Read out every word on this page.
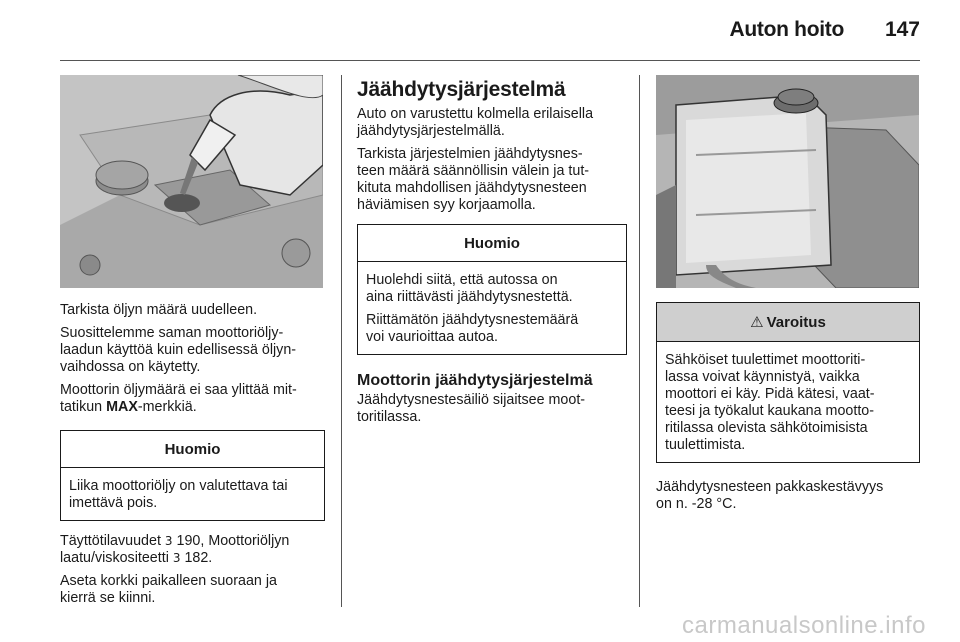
Auton hoito 147

Tarkista öljyn määrä uudelleen.

Suosittelemme saman moottoriöljy-
laadun käyttöä kuin edellisessä öljyn-
vaihdossa on käytetty.

Moottorin öljymäärä ei saa ylittää mit-
tatikun MAX-merkkiä.

Huomio

Liika moottoriöljy on valutettava tai
imettävä pois.

Täyttötilavuudet 3 190, Moottoriöljyn
laatu/viskositeetti 3 182.

Aseta korkki paikalleen suoraan ja
kierrä se kiinni.

Jäähdytysjärjestelmä

Auto on varustettu kolmella erilaisella
jäähdytysjärjestelmällä.

Tarkista järjestelmien jäähdytysnes-
teen määrä säännöllisin välein ja tut-
kituta mahdollisen jäähdytysnesteen
häviämisen syy korjaamolla.

Huomio

Huolehdi siitä, että autossa on
aina riittävästi jäähdytysnestettä.

Riittämätön jäähdytysnestemäärä
voi vaurioittaa autoa.

Moottorin jäähdytysjärjestelmä

Jäähdytysnestesäiliö sijaitsee moot-
toritilassa.

⚠ Varoitus

Sähköiset tuulettimet moottoriti-
lassa voivat käynnistyä, vaikka
moottori ei käy. Pidä kätesi, vaat-
teesi ja työkalut kaukana mootto-
ritilassa olevista sähkötoimisista
tuulettimista.

Jäähdytysnesteen pakkaskestävyys
on n. -28 °C.

carmanualsonline.info
